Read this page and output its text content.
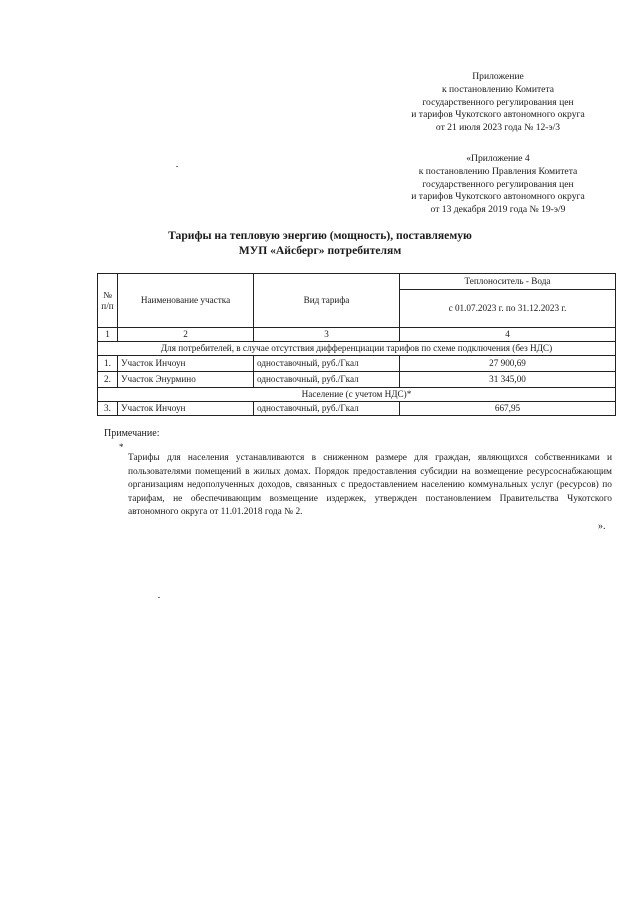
Приложение
к постановлению Комитета
государственного регулирования цен
и тарифов Чукотского автономного округа
от 21 июля 2023 года № 12-э/3
«Приложение 4
к постановлению Правления Комитета
государственного регулирования цен
и тарифов Чукотского автономного округа
от 13 декабря 2019 года № 19-э/9
Тарифы на тепловую энергию (мощность), поставляемую
МУП «Айсберг» потребителям
№ п/п	Наименование участка	Вид тарифа	Теплоноситель - Вода
			с 01.07.2023 г. по 31.12.2023 г.
1	2	3	4
Для потребителей, в случае отсутствия дифференциации тарифов по схеме подключения (без НДС)			
1.	Участок Инчоун	одноставочный, руб./Гкал	27 900,69
2.	Участок Энурмино	одноставочный, руб./Гкал	31 345,00
Население (с учетом НДС)*			
3.	Участок Инчоун	одноставочный, руб./Гкал	667,95
Примечание:
*
Тарифы для населения устанавливаются в сниженном размере для граждан, являющихся собственниками и пользователями помещений в жилых домах. Порядок предоставления субсидии на возмещение ресурсоснабжающим организациям недополученных доходов, связанных с предоставлением населению коммунальных услуг (ресурсов) по тарифам, не обеспечивающим возмещение издержек, утвержден постановлением Правительства Чукотского автономного округа от 11.01.2018 года № 2.
».
